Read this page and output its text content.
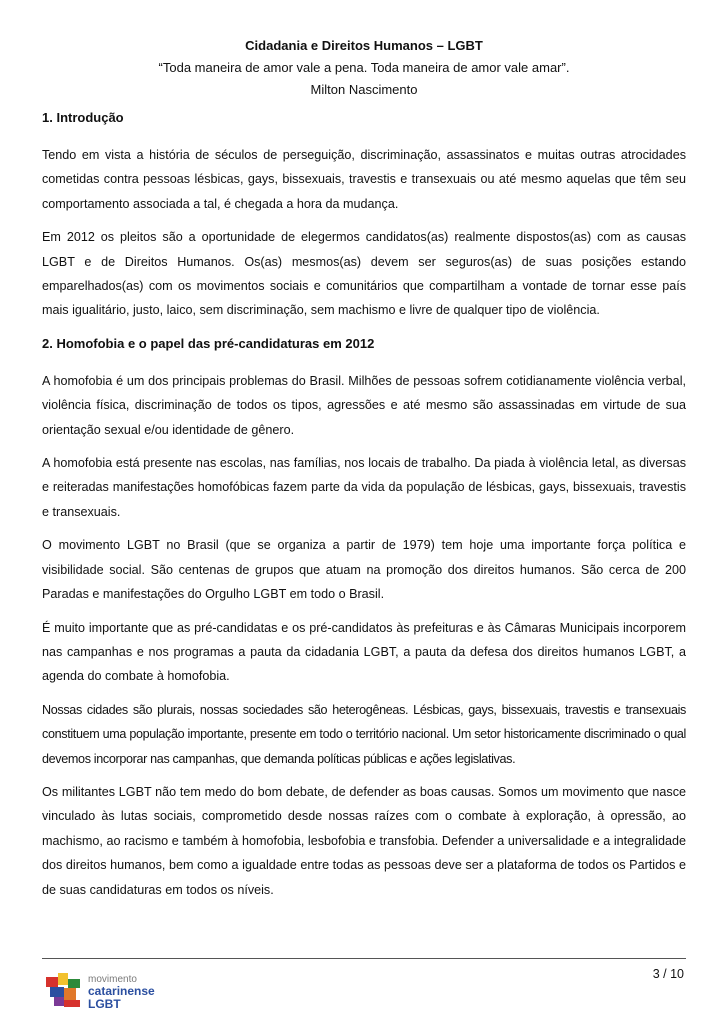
Cidadania e Direitos Humanos – LGBT
“Toda maneira de amor vale a pena. Toda maneira de amor vale amar”.
Milton Nascimento
1. Introdução

Tendo em vista a história de séculos de perseguição, discriminação, assassinatos e muitas outras atrocidades cometidas contra pessoas lésbicas, gays, bissexuais, travestis e transexuais ou até mesmo aquelas que têm seu comportamento associada a tal, é chegada a hora da mudança.

Em 2012 os pleitos são a oportunidade de elegermos candidatos(as) realmente dispostos(as) com as causas LGBT e de Direitos Humanos. Os(as) mesmos(as) devem ser seguros(as) de suas posições estando emparelhados(as) com os movimentos sociais e comunitários que compartilham a vontade de tornar esse país mais igualitário, justo, laico, sem discriminação, sem machismo e livre de qualquer tipo de violência.

2. Homofobia e o papel das pré-candidaturas em 2012

A homofobia é um dos principais problemas do Brasil. Milhões de pessoas sofrem cotidianamente violência verbal, violência física, discriminação de todos os tipos, agressões e até mesmo são assassinadas em virtude de sua orientação sexual e/ou identidade de gênero.

A homofobia está presente nas escolas, nas famílias, nos locais de trabalho. Da piada à violência letal, as diversas e reiteradas manifestações homofóbicas fazem parte da vida da população de lésbicas, gays, bissexuais, travestis e transexuais.

O movimento LGBT no Brasil (que se organiza a partir de 1979) tem hoje uma importante força política e visibilidade social. São centenas de grupos que atuam na promoção dos direitos humanos. São cerca de 200 Paradas e manifestações do Orgulho LGBT em todo o Brasil.

É muito importante que as pré-candidatas e os pré-candidatos às prefeituras e às Câmaras Municipais incorporem nas campanhas e nos programas a pauta da cidadania LGBT, a pauta da defesa dos direitos humanos LGBT, a agenda do combate à homofobia.

Nossas cidades são plurais, nossas sociedades são heterogêneas. Lésbicas, gays, bissexuais, travestis e transexuais constituem uma população importante, presente em todo o território nacional. Um setor historicamente discriminado o qual devemos incorporar nas campanhas, que demanda políticas públicas e ações legislativas.

Os militantes LGBT não tem medo do bom debate, de defender as boas causas. Somos um movimento que nasce vinculado às lutas sociais, comprometido desde nossas raízes com o combate à exploração, à opressão, ao machismo, ao racismo e também à homofobia, lesbofobia e transfobia. Defender a universalidade e a integralidade dos direitos humanos, bem como a igualdade entre todas as pessoas deve ser a plataforma de todos os Partidos e de suas candidaturas em todos os níveis.

movimento
catarinense
LGBT
3 / 10
